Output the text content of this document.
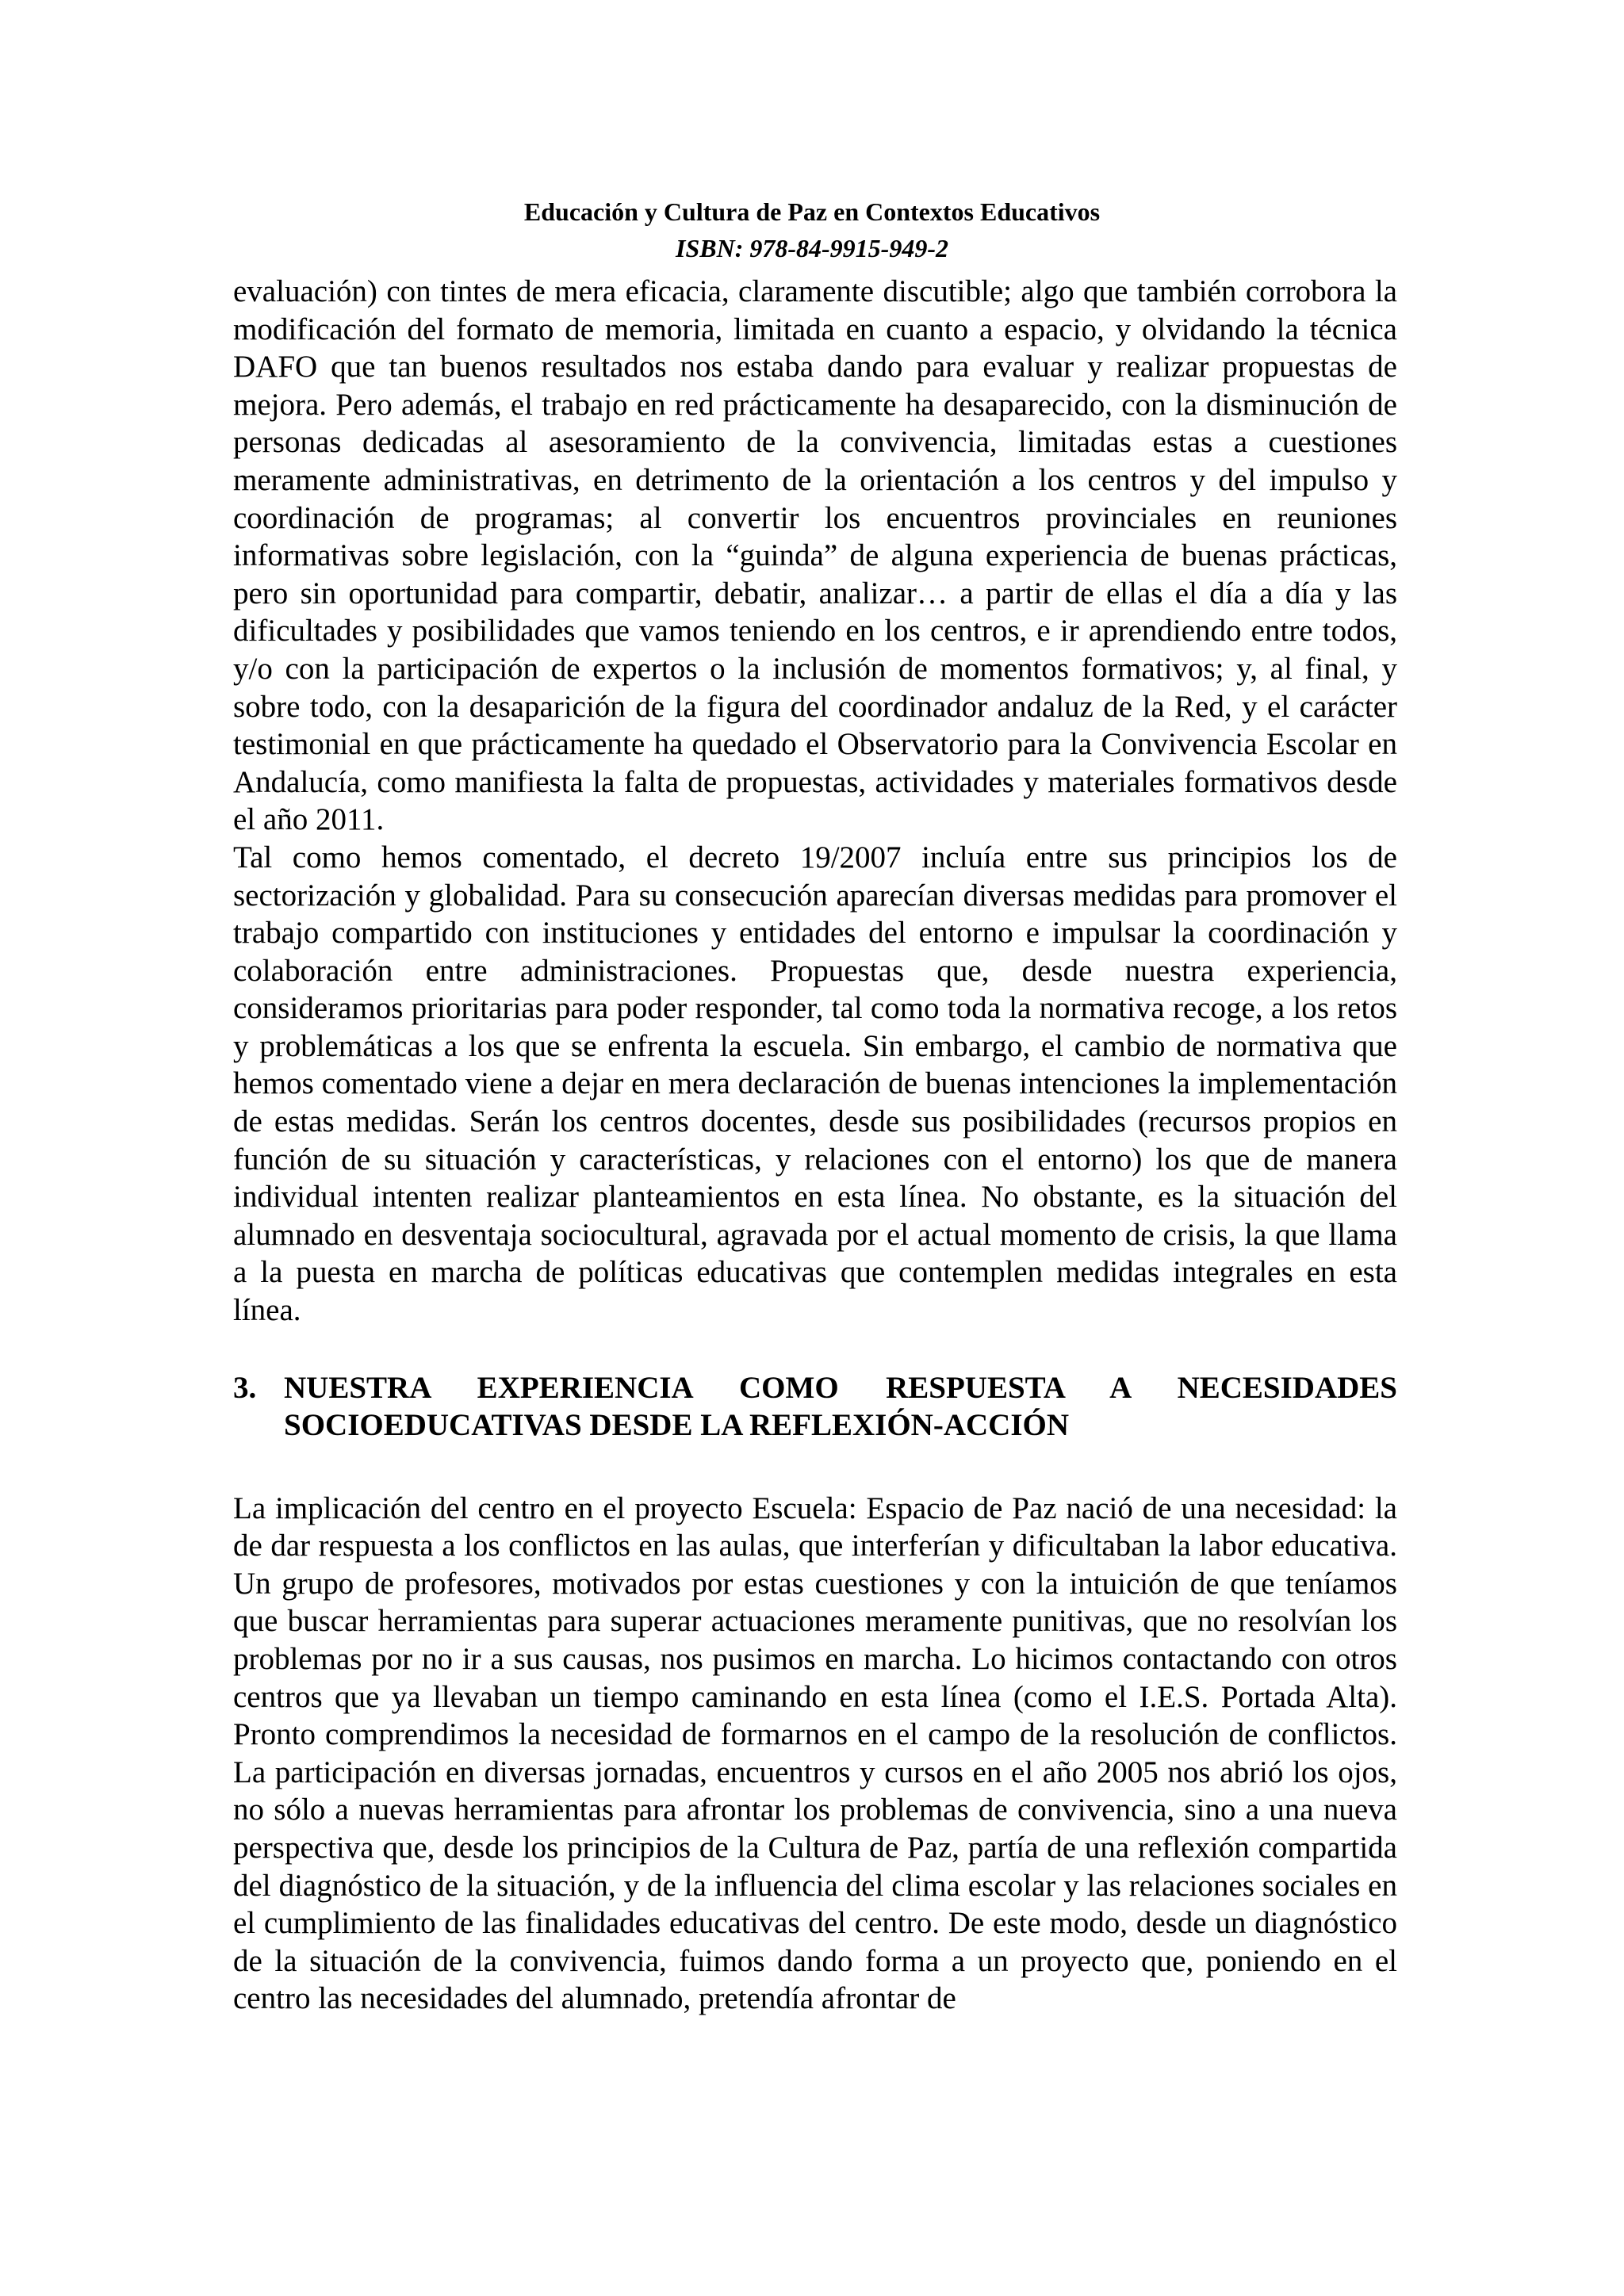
Educación y Cultura de Paz en Contextos Educativos

ISBN: 978-84-9915-949-2

evaluación) con tintes de mera eficacia, claramente discutible; algo que también corrobora la modificación del formato de memoria, limitada en cuanto a espacio, y olvidando la técnica DAFO que tan buenos resultados nos estaba dando para evaluar y realizar propuestas de mejora. Pero además, el trabajo en red prácticamente ha desaparecido, con la disminución de personas dedicadas al asesoramiento de la convivencia, limitadas estas a cuestiones meramente administrativas, en detrimento de la orientación a los centros y del impulso y coordinación de programas; al convertir los encuentros provinciales en reuniones informativas sobre legislación, con la “guinda” de alguna experiencia de buenas prácticas, pero sin oportunidad para compartir, debatir, analizar… a partir de ellas el día a día y las dificultades y posibilidades que vamos teniendo en los centros, e ir aprendiendo entre todos, y/o con la participación de expertos o la inclusión de momentos formativos; y, al final, y sobre todo, con la desaparición de la figura del coordinador andaluz de la Red, y el carácter testimonial en que prácticamente ha quedado el Observatorio para la Convivencia Escolar en Andalucía, como manifiesta la falta de propuestas, actividades y materiales formativos desde el año 2011.

Tal como hemos comentado, el decreto 19/2007 incluía entre sus principios los de sectorización y globalidad. Para su consecución aparecían diversas medidas para promover el trabajo compartido con instituciones y entidades del entorno e impulsar la coordinación y colaboración entre administraciones. Propuestas que, desde nuestra experiencia, consideramos prioritarias para poder responder, tal como toda la normativa recoge, a los retos y problemáticas a los que se enfrenta la escuela. Sin embargo, el cambio de normativa que hemos comentado viene a dejar en mera declaración de buenas intenciones la implementación de estas medidas. Serán los centros docentes, desde sus posibilidades (recursos propios en función de su situación y características, y relaciones con el entorno) los que de manera individual intenten realizar planteamientos en esta línea. No obstante, es la situación del alumnado en desventaja sociocultural, agravada por el actual momento de crisis, la que llama a la puesta en marcha de políticas educativas que contemplen medidas integrales en esta línea.

3. NUESTRA EXPERIENCIA COMO RESPUESTA A NECESIDADES SOCIOEDUCATIVAS DESDE LA REFLEXIÓN-ACCIÓN

La implicación del centro en el proyecto Escuela: Espacio de Paz nació de una necesidad: la de dar respuesta a los conflictos en las aulas, que interferían y dificultaban la labor educativa. Un grupo de profesores, motivados por estas cuestiones y con la intuición de que teníamos que buscar herramientas para superar actuaciones meramente punitivas, que no resolvían los problemas por no ir a sus causas, nos pusimos en marcha. Lo hicimos contactando con otros centros que ya llevaban un tiempo caminando en esta línea (como el I.E.S. Portada Alta). Pronto comprendimos la necesidad de formarnos en el campo de la resolución de conflictos. La participación en diversas jornadas, encuentros y cursos en el año 2005 nos abrió los ojos, no sólo a nuevas herramientas para afrontar los problemas de convivencia, sino a una nueva perspectiva que, desde los principios de la Cultura de Paz, partía de una reflexión compartida del diagnóstico de la situación, y de la influencia del clima escolar y las relaciones sociales en el cumplimiento de las finalidades educativas del centro. De este modo, desde un diagnóstico de la situación de la convivencia, fuimos dando forma a un proyecto que, poniendo en el centro las necesidades del alumnado, pretendía afrontar de
